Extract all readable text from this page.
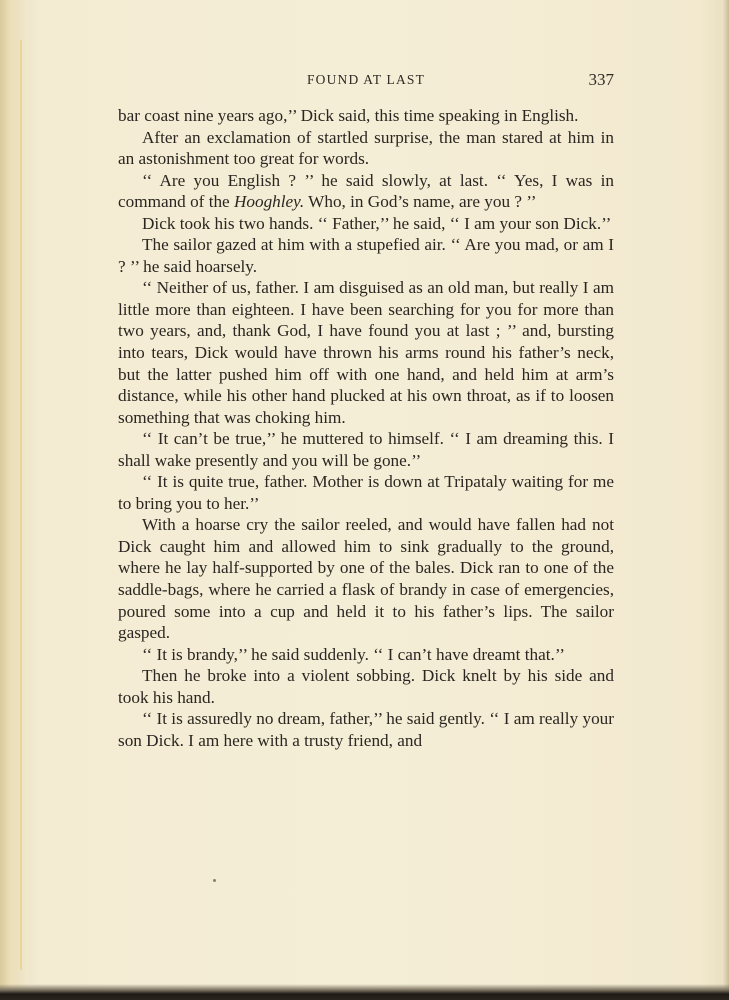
FOUND AT LAST	337

bar coast nine years ago,’’ Dick said, this time speaking in English.

After an exclamation of startled surprise, the man stared at him in an astonishment too great for words.

‘‘ Are you English ? ’’ he said slowly, at last. ‘‘ Yes, I was in command of the Hooghley. Who, in God’s name, are you ? ’’

Dick took his two hands. ‘‘ Father,’’ he said, ‘‘ I am your son Dick.’’

The sailor gazed at him with a stupefied air. ‘‘ Are you mad, or am I ? ’’ he said hoarsely.

‘‘ Neither of us, father. I am disguised as an old man, but really I am little more than eighteen. I have been searching for you for more than two years, and, thank God, I have found you at last ; ’’ and, bursting into tears, Dick would have thrown his arms round his father’s neck, but the latter pushed him off with one hand, and held him at arm’s distance, while his other hand plucked at his own throat, as if to loosen something that was choking him.

‘‘ It can’t be true,’’ he muttered to himself. ‘‘ I am dreaming this. I shall wake presently and you will be gone.’’

‘‘ It is quite true, father. Mother is down at Tripataly waiting for me to bring you to her.’’

With a hoarse cry the sailor reeled, and would have fallen had not Dick caught him and allowed him to sink gradually to the ground, where he lay half-supported by one of the bales. Dick ran to one of the saddle-bags, where he carried a flask of brandy in case of emergencies, poured some into a cup and held it to his father’s lips. The sailor gasped.

‘‘ It is brandy,’’ he said suddenly. ‘‘ I can’t have dreamt that.’’

Then he broke into a violent sobbing. Dick knelt by his side and took his hand.

‘‘ It is assuredly no dream, father,’’ he said gently. ‘‘ I am really your son Dick. I am here with a trusty friend, and
